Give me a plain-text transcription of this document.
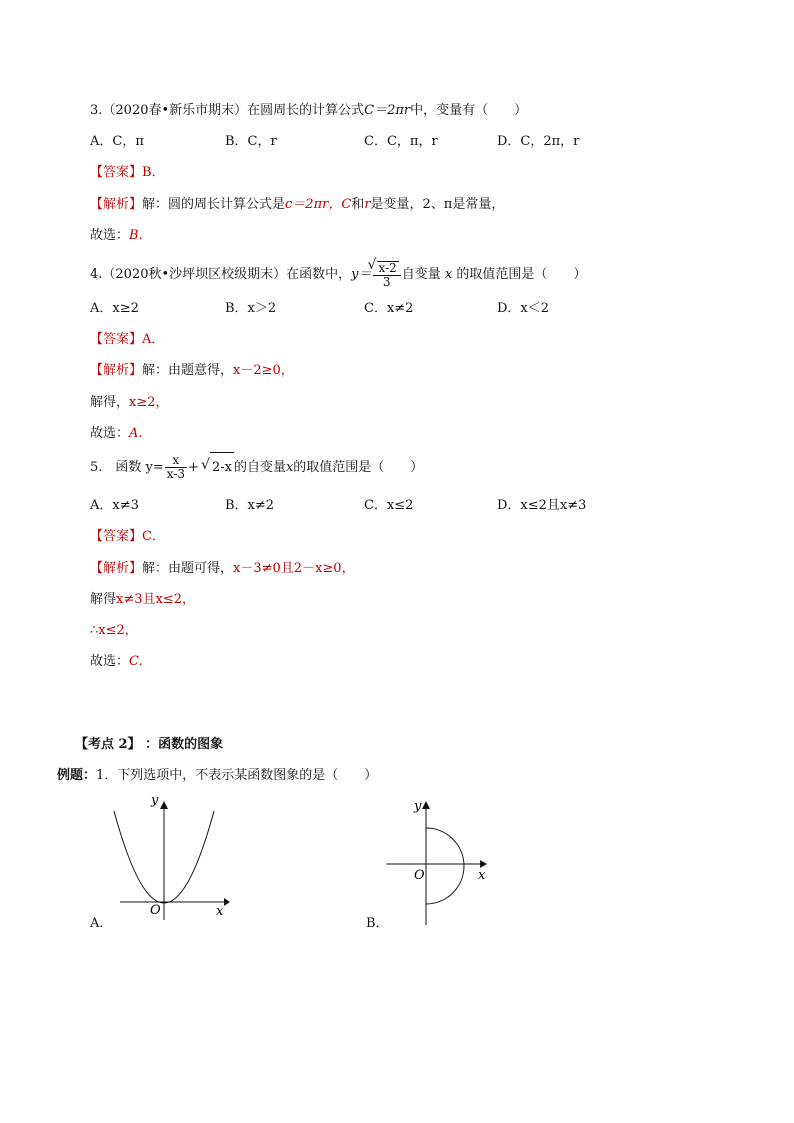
3.（2020春•新乐市期末）在圆周长的计算公式C＝2πr中，变量有（　　）
A．C，π	B．C，r	C．C，π，r	D．C，2π，r
【答案】B．
【解析】解：圆的周长计算公式是c＝2πr，C和r是变量，2、π是常量，
故选：B.
4.（2020秋•沙坪坝区校级期末）在函数中，y＝ √ $\frac{x-2}{3}$ 自变量 x 的取值范围是（　　）
A．x≥2	B．x＞2	C．x≠2	D．x＜2
【答案】A．
【解析】解：由题意得，x－2≥0，
解得，x≥2，
故选：A.
5.　函数 $y= \frac{x}{x-3}$ + √ 2-x 的自变量x的取值范围是（　　）
A．x≠3	B．x≠2	C．x≤2	D．x≤2且x≠3
【答案】C．
【解析】解：由题可得，x－3≠0且2－x≥0，
解得x≠3且x≤2，
∴x≤2，
故选：C.
【考点 2】 ：函数的图象
例题：1．下列选项中，不表示某函数图象的是（　　）
y
x
O
A．
y
x
O
B．
